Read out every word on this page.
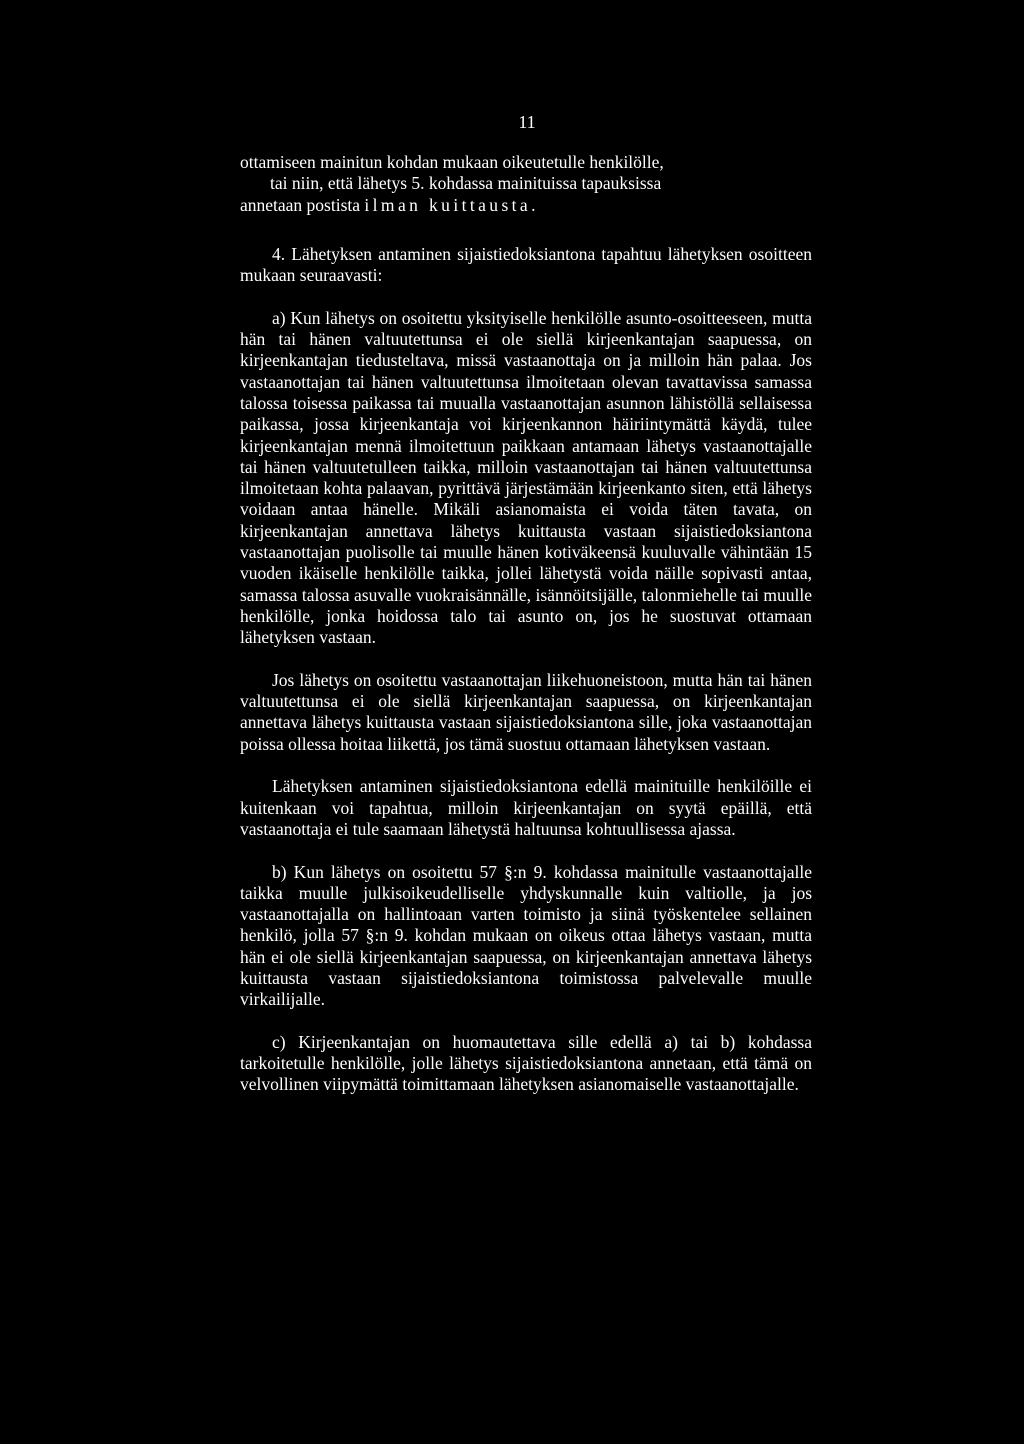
11

ottamiseen mainitun kohdan mukaan oikeutetulle henkilölle,
tai niin, että lähetys 5. kohdassa mainituissa tapauksissa
annetaan postista ilman kuittausta.

4. Lähetyksen antaminen sijaistiedoksiantona tapahtuu lähetyksen osoitteen mukaan seuraavasti:

a) Kun lähetys on osoitettu yksityiselle henkilölle asunto-osoitteeseen, mutta hän tai hänen valtuutettunsa ei ole siellä kirjeenkantajan saapuessa, on kirjeenkantajan tiedusteltava, missä vastaanottaja on ja milloin hän palaa. Jos vastaanottajan tai hänen valtuutettunsa ilmoitetaan olevan tavattavissa samassa talossa toisessa paikassa tai muualla vastaanottajan asunnon lähistöllä sellaisessa paikassa, jossa kirjeenkantaja voi kirjeenkannon häiriintymättä käydä, tulee kirjeenkantajan mennä ilmoitettuun paikkaan antamaan lähetys vastaanottajalle tai hänen valtuutetulleen taikka, milloin vastaanottajan tai hänen valtuutettunsa ilmoitetaan kohta palaavan, pyrittävä järjestämään kirjeenkanto siten, että lähetys voidaan antaa hänelle. Mikäli asianomaista ei voida täten tavata, on kirjeenkantajan annettava lähetys kuittausta vastaan sijaistiedoksiantona vastaanottajan puolisolle tai muulle hänen kotiväkeensä kuuluvalle vähintään 15 vuoden ikäiselle henkilölle taikka, jollei lähetystä voida näille sopivasti antaa, samassa talossa asuvalle vuokraisännälle, isännöitsijälle, talonmiehelle tai muulle henkilölle, jonka hoidossa talo tai asunto on, jos he suostuvat ottamaan lähetyksen vastaan.

Jos lähetys on osoitettu vastaanottajan liikehuoneistoon, mutta hän tai hänen valtuutettunsa ei ole siellä kirjeenkantajan saapuessa, on kirjeenkantajan annettava lähetys kuittausta vastaan sijaistiedoksiantona sille, joka vastaanottajan poissa ollessa hoitaa liikettä, jos tämä suostuu ottamaan lähetyksen vastaan.

Lähetyksen antaminen sijaistiedoksiantona edellä mainituille henkilöille ei kuitenkaan voi tapahtua, milloin kirjeenkantajan on syytä epäillä, että vastaanottaja ei tule saamaan lähetystä haltuunsa kohtuullisessa ajassa.

b) Kun lähetys on osoitettu 57 §:n 9. kohdassa mainitulle vastaanottajalle taikka muulle julkisoikeudelliselle yhdyskunnalle kuin valtiolle, ja jos vastaanottajalla on hallintoaan varten toimisto ja siinä työskentelee sellainen henkilö, jolla 57 §:n 9. kohdan mukaan on oikeus ottaa lähetys vastaan, mutta hän ei ole siellä kirjeenkantajan saapuessa, on kirjeenkantajan annettava lähetys kuittausta vastaan sijaistiedoksiantona toimistossa palvelevalle muulle virkailijalle.

c) Kirjeenkantajan on huomautettava sille edellä a) tai b) kohdassa tarkoitetulle henkilölle, jolle lähetys sijaistiedoksiantona annetaan, että tämä on velvollinen viipymättä toimittamaan lähetyksen asianomaiselle vastaanottajalle.
